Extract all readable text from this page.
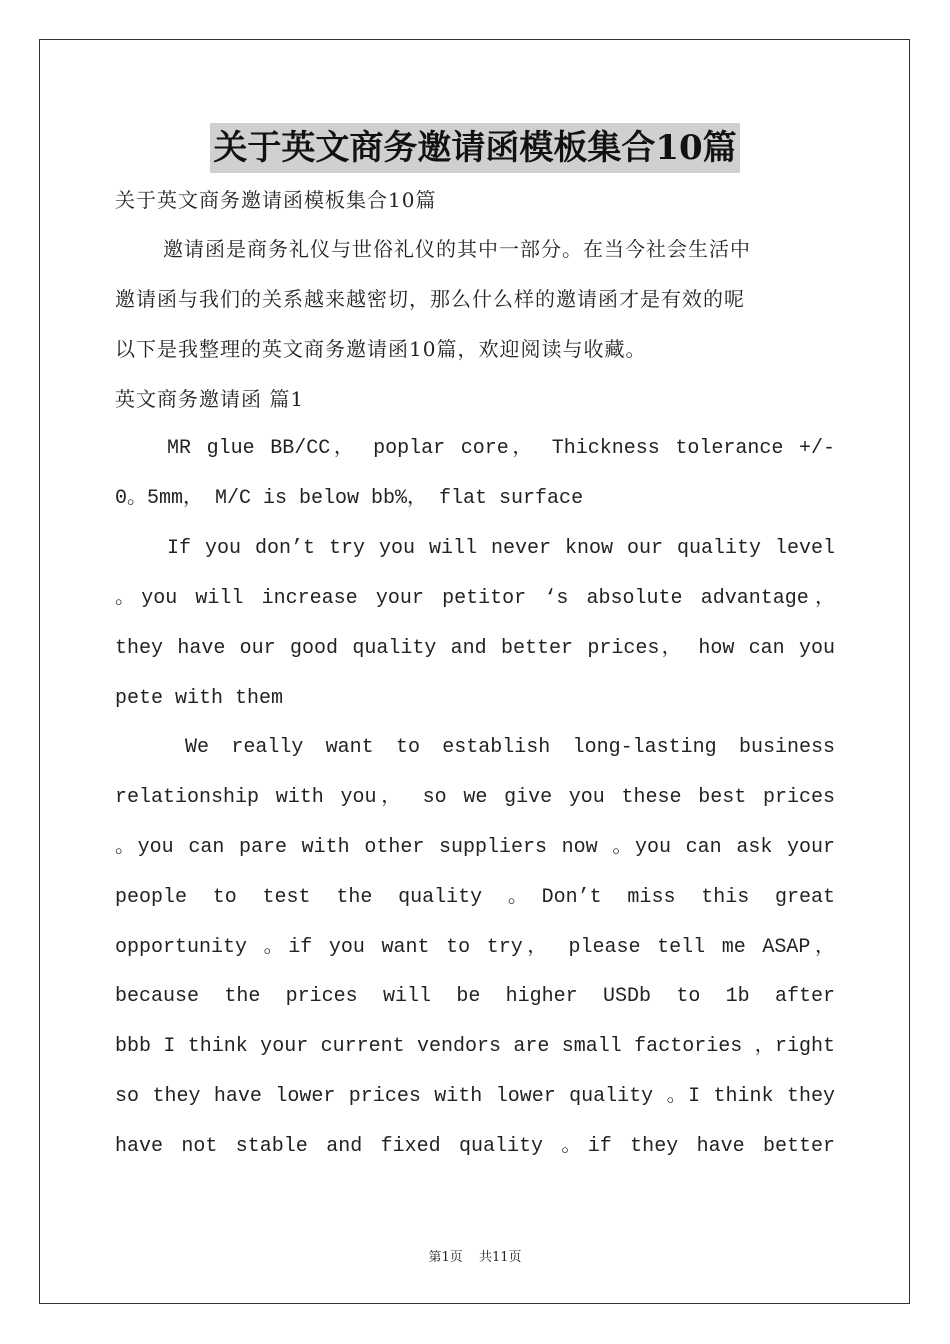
关于英文商务邀请函模板集合10篇
关于英文商务邀请函模板集合10篇
邀请函是商务礼仪与世俗礼仪的其中一部分。在当今社会生活中
邀请函与我们的关系越来越密切，那么什么样的邀请函才是有效的呢
以下是我整理的英文商务邀请函10篇，欢迎阅读与收藏。
英文商务邀请函 篇1
MR glue BB/CC， poplar core， Thickness tolerance +/-
0。5mm， M/C is below bb%， flat surface
If you don’t try you will never know our quality level
。you will increase your petitor ‘s absolute advantage，
they have our good quality and better prices， how can you
pete with them
We really want to establish long-lasting business
relationship with you， so we give you these best prices
。you can pare with other suppliers now 。you can ask your
people to test the quality 。Don’t miss this great
opportunity 。if you want to try， please tell me ASAP，
because the prices will be higher USDb to 1b after
bbb I think your current vendors are small factories ，right
so they have lower prices with lower quality 。I think they
have not stable and fixed quality 。if they have better
第1页 共11页
